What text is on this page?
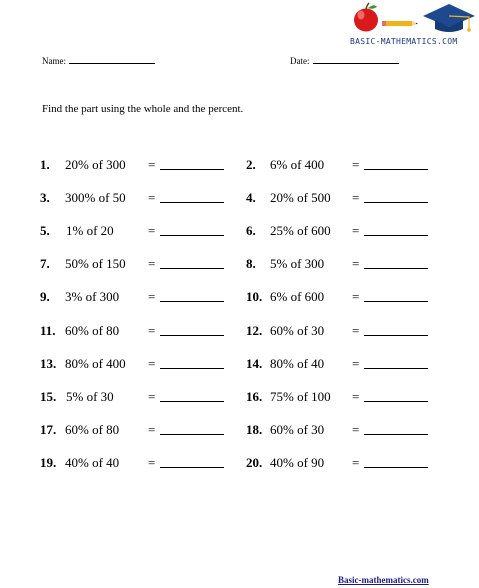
BASIC-MATHEMATICS.COM
Name:	Date:
Find the part using the whole and the percent.
1. 20% of 300 =	2. 6% of 400 =
3. 300% of 50 =	4. 20% of 500 =
5. 1% of 20	=	6. 25% of 600 =
7. 50% of 150 =	8. 5% of 300 =
9. 3% of 300 =	10. 6% of 600 =
11. 60% of 80 =	12. 60% of 30 =
13. 80% of 400 =	14. 80% of 40 =
15. 5% of 30	=	16. 75% of 100 =
17. 60% of 80 =	18. 60% of 30 =
19. 40% of 40 =	20. 40% of 90 =
Basic-mathematics.com
